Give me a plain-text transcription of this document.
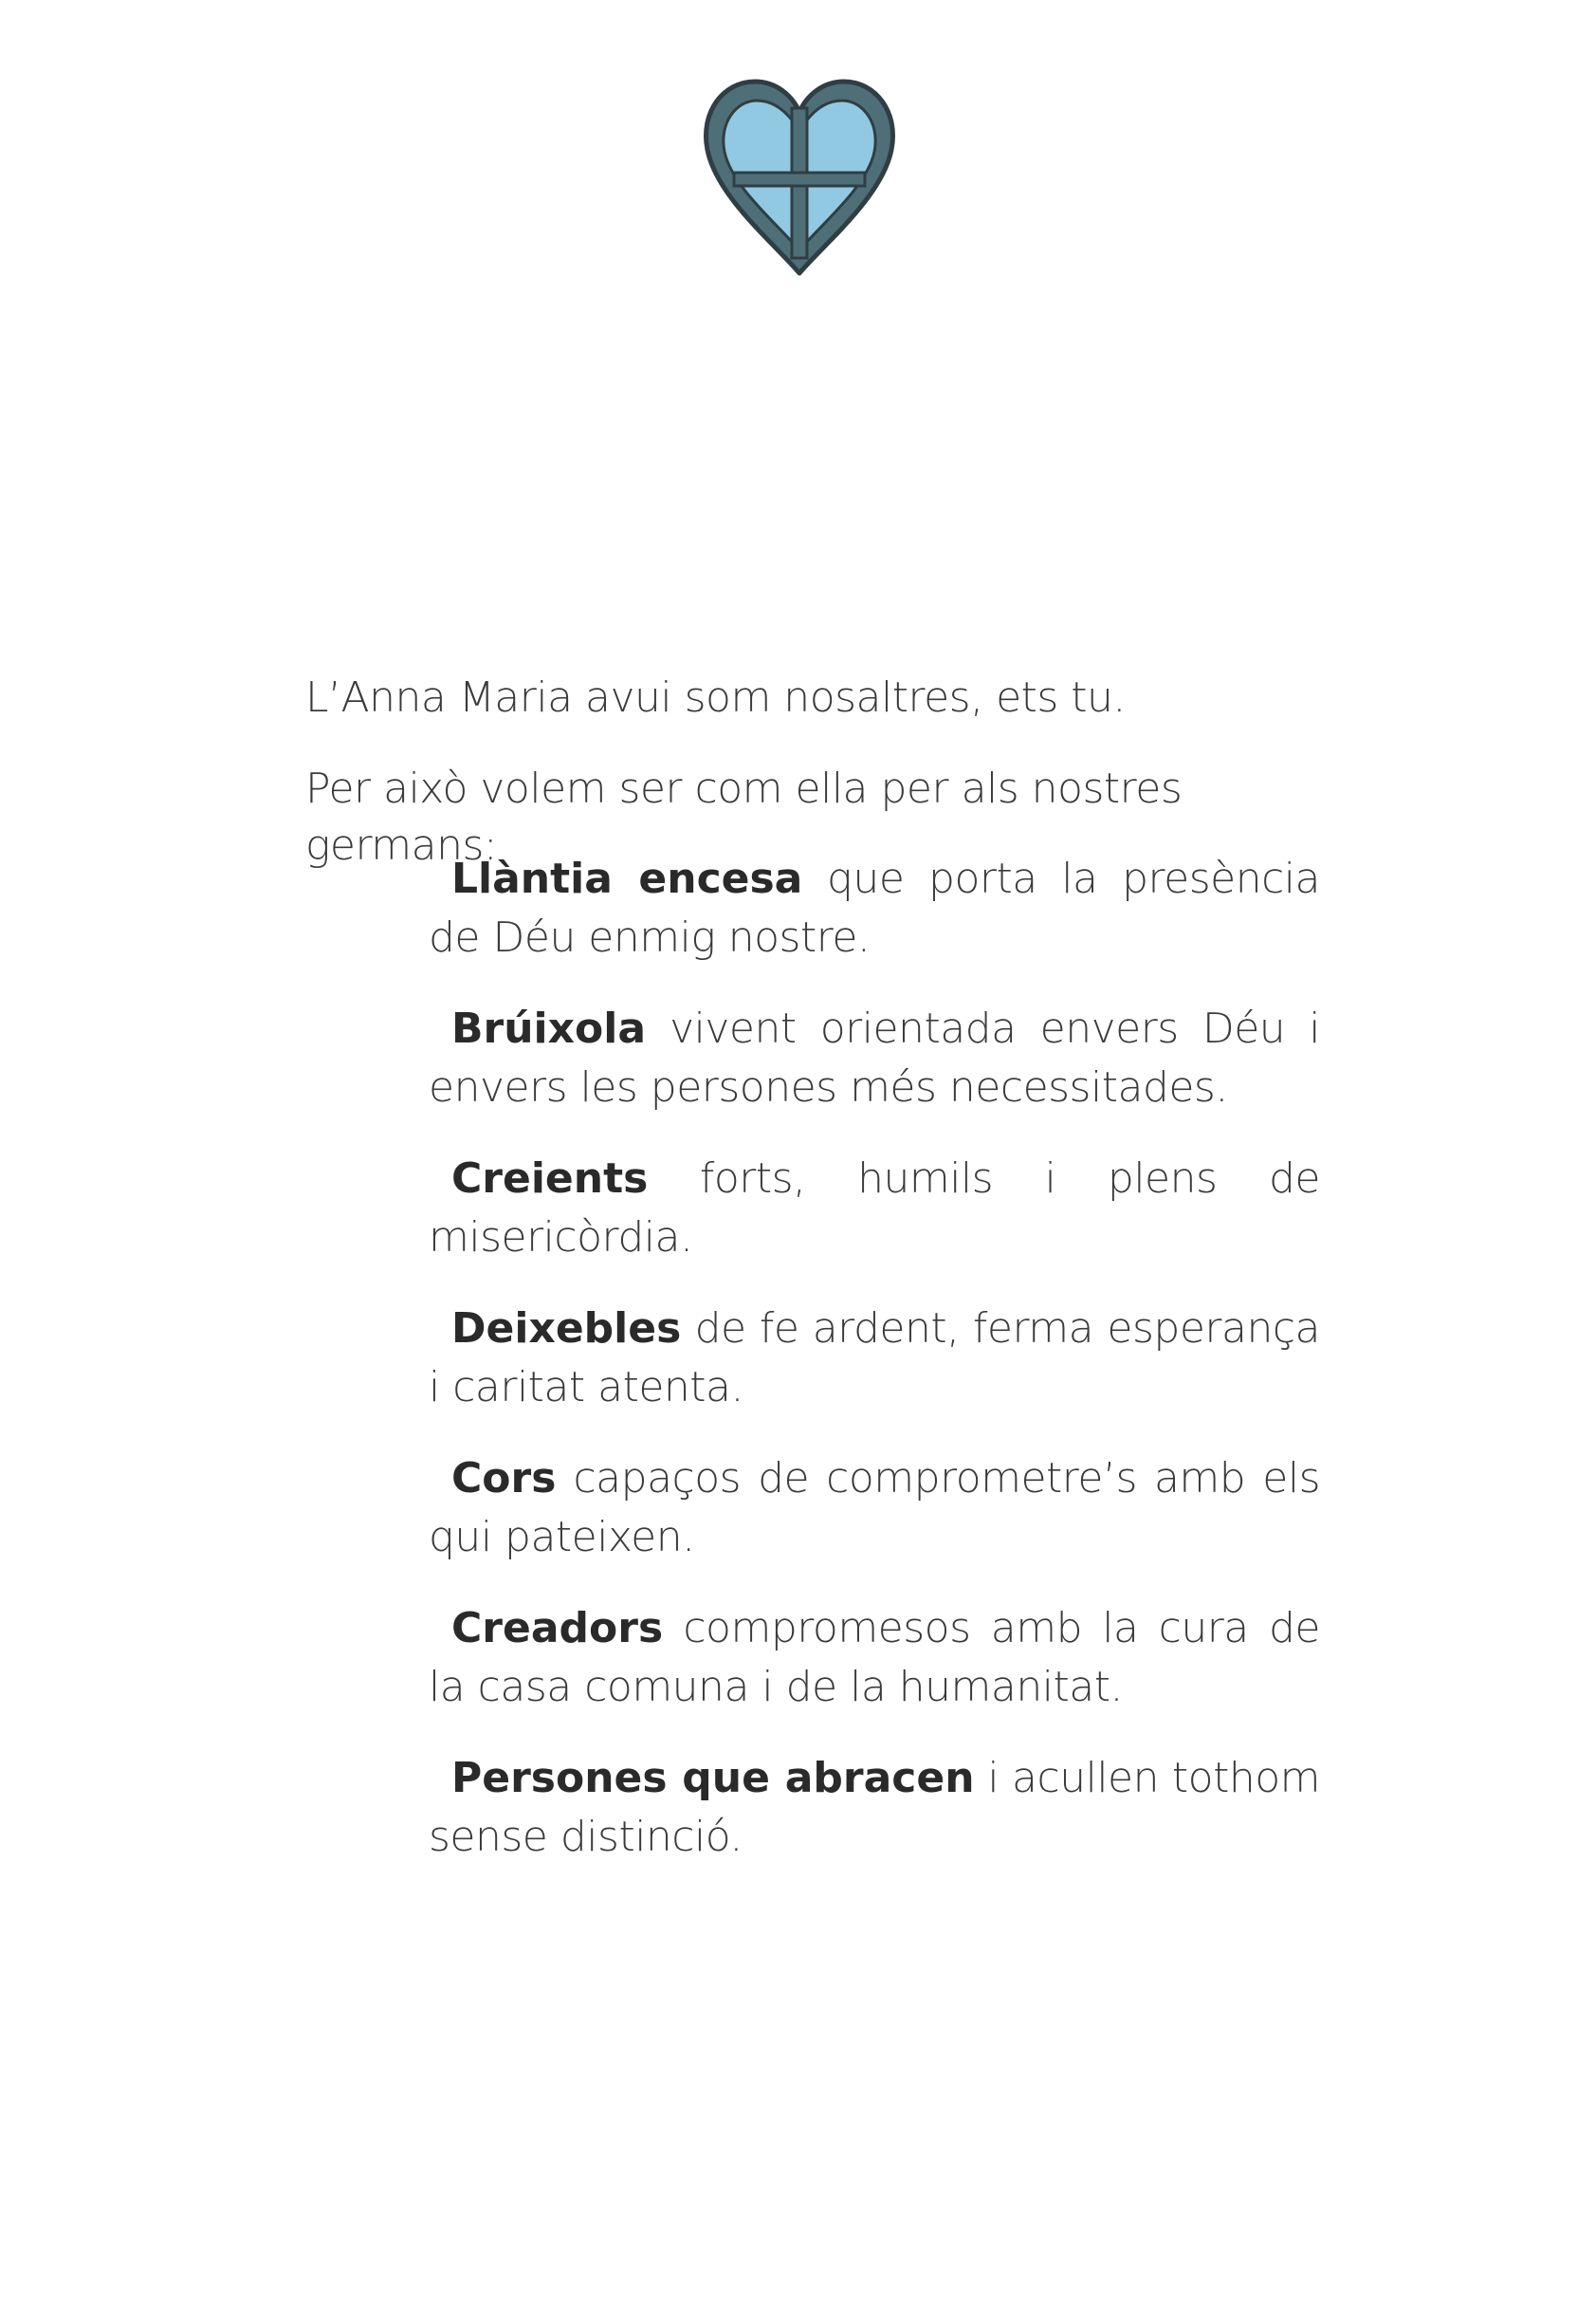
L’Anna Maria avui som nosaltres, ets tu.

Per això volem ser com ella per als nostres germans:

Llàntia encesa que porta la presència de Déu enmig nostre.
Brúixola vivent orientada envers Déu i envers les persones més necessitades.
Creients forts, humils i plens de misericòrdia.
Deixebles de fe ardent, ferma esperança i caritat atenta.
Cors capaços de comprometre’s amb els qui pateixen.
Creadors compromesos amb la cura de la casa comuna i de la humanitat.
Persones que abracen i acullen tothom sense distinció.
